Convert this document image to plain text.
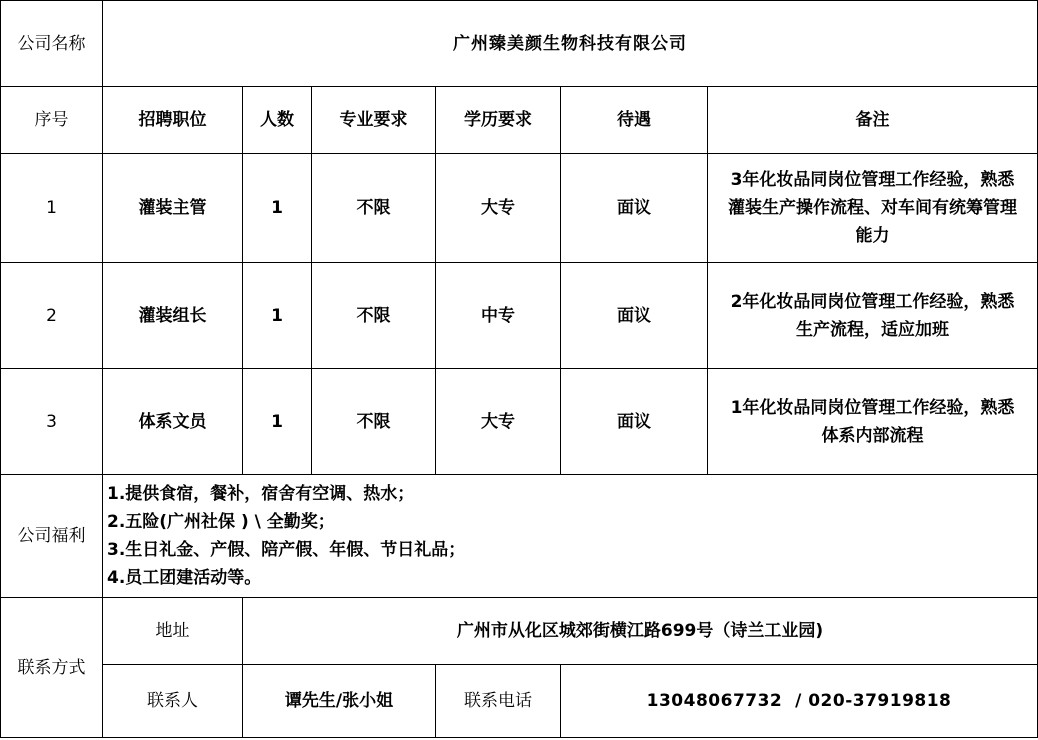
公司名称	广州臻美颜生物科技有限公司					
序号	招聘职位	人数	专业要求	学历要求	待遇	备注
1	灌装主管	1	不限	大专	面议	3年化妆品同岗位管理工作经验，熟悉
灌装生产操作流程、对车间有统筹管理
能力

2	灌装组长	1	不限	中专	面议	2年化妆品同岗位管理工作经验，熟悉
生产流程，适应加班

3	体系文员	1	不限	大专	面议	1年化妆品同岗位管理工作经验，熟悉
体系内部流程

公司福利	1.提供食宿，餐补，宿舍有空调、热水；
2.五险(广州社保 ) \ 全勤奖；
3.生日礼金、产假、陪产假、年假、节日礼品；
4.员工团建活动等。					

联系方式	地址	广州市从化区城郊街横江路699号（诗兰工业园)				
	联系人	谭先生/张小姐		联系电话	13048067732  / 020-37919818	
